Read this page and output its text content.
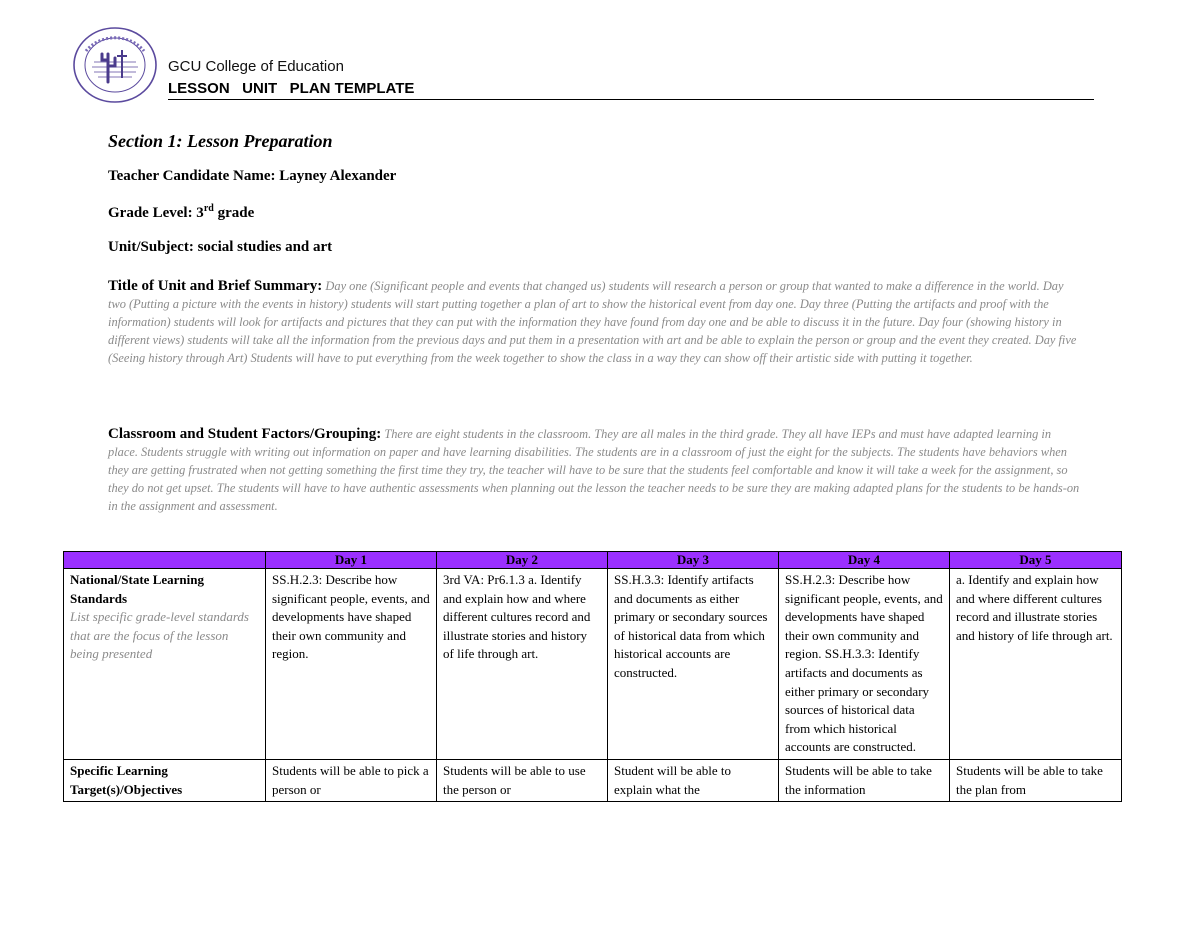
GCU College of Education
LESSON   UNIT   PLAN TEMPLATE
Section 1: Lesson Preparation
Teacher Candidate Name: Layney Alexander
Grade Level: 3rd grade
Unit/Subject: social studies and art
Title of Unit and Brief Summary: Day one (Significant people and events that changed us) students will research a person or group that wanted to make a difference in the world. Day two (Putting a picture with the events in history) students will start putting together a plan of art to show the historical event from day one. Day three (Putting the artifacts and proof with the information) students will look for artifacts and pictures that they can put with the information they have found from day one and be able to discuss it in the future. Day four (showing history in different views) students will take all the information from the previous days and put them in a presentation with art and be able to explain the person or group and the event they created. Day five (Seeing history through Art) Students will have to put everything from the week together to show the class in a way they can show off their artistic side with putting it together.
Classroom and Student Factors/Grouping: There are eight students in the classroom. They are all males in the third grade. They all have IEPs and must have adapted learning in place. Students struggle with writing out information on paper and have learning disabilities. The students are in a classroom of just the eight for the subjects. The students have behaviors when they are getting frustrated when not getting something the first time they try, the teacher will have to be sure that the students feel comfortable and know it will take a week for the assignment, so they do not get upset. The students will have to have authentic assessments when planning out the lesson the teacher needs to be sure they are making adapted plans for the students to be hands-on in the assignment and assessment.
	Day 1	Day 2	Day 3	Day 4	Day 5
National/State Learning Standards
List specific grade-level standards that are the focus of the lesson being presented	SS.H.2.3: Describe how significant people, events, and developments have shaped their own community and region.	3rd VA: Pr6.1.3 a. Identify and explain how and where different cultures record and illustrate stories and history of life through art.	SS.H.3.3: Identify artifacts and documents as either primary or secondary sources of historical data from which historical accounts are constructed.	SS.H.2.3: Describe how significant people, events, and developments have shaped their own community and region. SS.H.3.3: Identify artifacts and documents as either primary or secondary sources of historical data from which historical accounts are constructed.	a. Identify and explain how and where different cultures record and illustrate stories and history of life through art.
Specific Learning Target(s)/Objectives	Students will be able to pick a person or	Students will be able to use the person or	Student will be able to explain what the	Students will be able to take the information	Students will be able to take the plan from
